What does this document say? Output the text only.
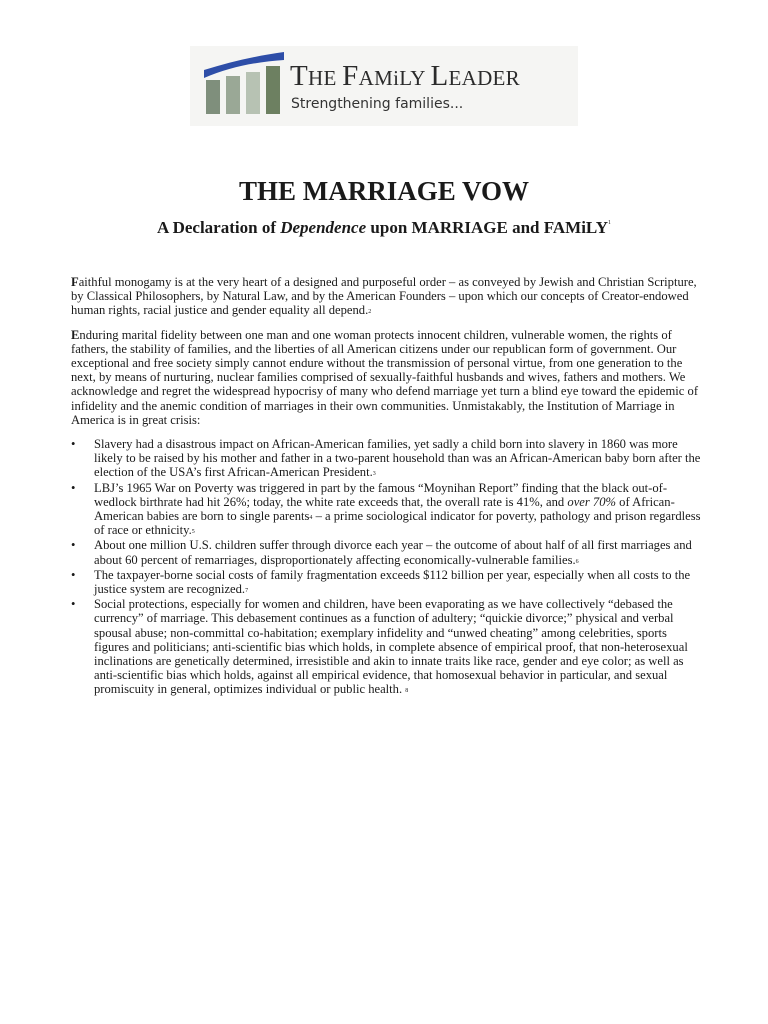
THE FAMiLY LEADER
Strengthening families...
THE MARRIAGE VOW
A Declaration of Dependence upon MARRIAGE and FAMiLY$^1$

Faithful monogamy is at the very heart of a designed and purposeful order – as conveyed by Jewish and Christian Scripture, by Classical Philosophers, by Natural Law, and by the American Founders – upon which our concepts of Creator-endowed human rights, racial justice and gender equality all depend.$^2$

Enduring marital fidelity between one man and one woman protects innocent children, vulnerable women, the rights of fathers, the stability of families, and the liberties of all American citizens under our republican form of government. Our exceptional and free society simply cannot endure without the transmission of personal virtue, from one generation to the next, by means of nurturing, nuclear families comprised of sexually-faithful husbands and wives, fathers and mothers. We acknowledge and regret the widespread hypocrisy of many who defend marriage yet turn a blind eye toward the epidemic of infidelity and the anemic condition of marriages in their own communities. Unmistakably, the Institution of Marriage in America is in great crisis:

• Slavery had a disastrous impact on African-American families, yet sadly a child born into slavery in 1860 was more likely to be raised by his mother and father in a two-parent household than was an African-American baby born after the election of the USA’s first African-American President.$^3$
• LBJ’s 1965 War on Poverty was triggered in part by the famous “Moynihan Report” finding that the black out-of-wedlock birthrate had hit 26%; today, the white rate exceeds that, the overall rate is 41%, and over 70% of African-American babies are born to single parents$^4$ – a prime sociological indicator for poverty, pathology and prison regardless of race or ethnicity.$^5$
• About one million U.S. children suffer through divorce each year – the outcome of about half of all first marriages and about 60 percent of remarriages, disproportionately affecting economically-vulnerable families.$^6$
• The taxpayer-borne social costs of family fragmentation exceeds $112 billion per year, especially when all costs to the justice system are recognized.$^7$
• Social protections, especially for women and children, have been evaporating as we have collectively “debased the currency” of marriage. This debasement continues as a function of adultery; “quickie divorce;” physical and verbal spousal abuse; non-committal co-habitation; exemplary infidelity and “unwed cheating” among celebrities, sports figures and politicians; anti-scientific bias which holds, in complete absence of empirical proof, that non-heterosexual inclinations are genetically determined, irresistible and akin to innate traits like race, gender and eye color; as well as anti-scientific bias which holds, against all empirical evidence, that homosexual behavior in particular, and sexual promiscuity in general, optimizes individual or public health. $^8$
